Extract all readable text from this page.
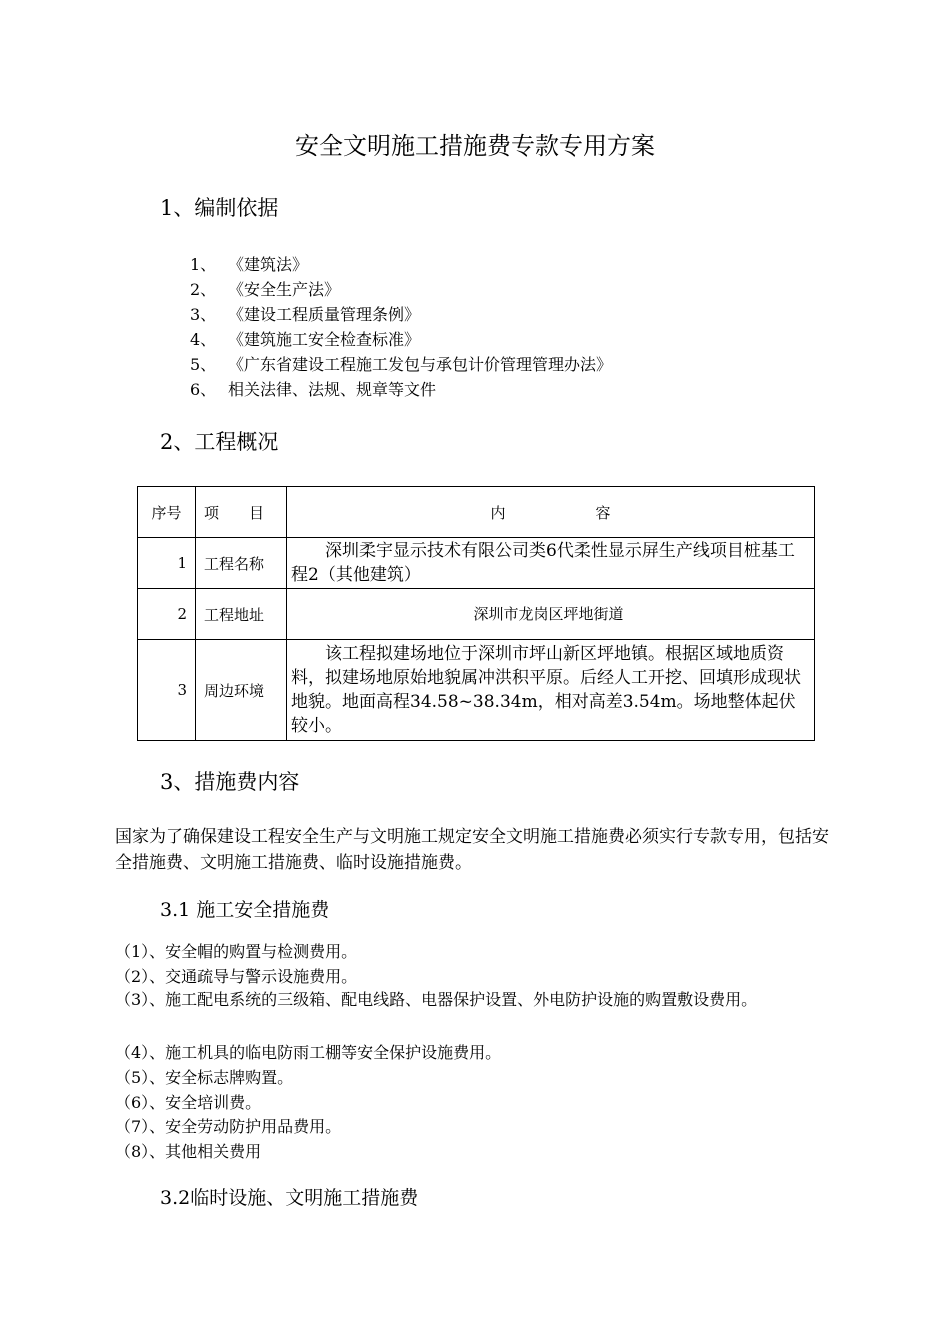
安全文明施工措施费专款专用方案
1、编制依据
1、 《建筑法》
2、 《安全生产法》
3、 《建设工程质量管理条例》
4、 《建筑施工安全检查标准》
5、 《广东省建设工程施工发包与承包计价管理管理办法》
6、 相关法律、法规、规章等文件
2、工程概况
序号	项　　目	内　　　　　　容
1	工程名称	　　深圳柔宇显示技术有限公司类6代柔性显示屏生产线项目桩基工程2（其他建筑）
2	工程地址	深圳市龙岗区坪地街道
3	周边环境	　　该工程拟建场地位于深圳市坪山新区坪地镇。根据区域地质资料，拟建场地原始地貌属冲洪积平原。后经人工开挖、回填形成现状地貌。地面高程34.58~38.34m，相对高差3.54m。场地整体起伏较小。
3、措施费内容
国家为了确保建设工程安全生产与文明施工规定安全文明施工措施费必须实行专款专用，包括安全措施费、文明施工措施费、临时设施措施费。
3.1 施工安全措施费
（1）、安全帽的购置与检测费用。
（2）、交通疏导与警示设施费用。
（3）、施工配电系统的三级箱、配电线路、电器保护设置、外电防护设施的购置敷设费用。
（4）、施工机具的临电防雨工棚等安全保护设施费用。
（5）、安全标志牌购置。
（6）、安全培训费。
（7）、安全劳动防护用品费用。
（8）、其他相关费用
3.2临时设施、文明施工措施费
